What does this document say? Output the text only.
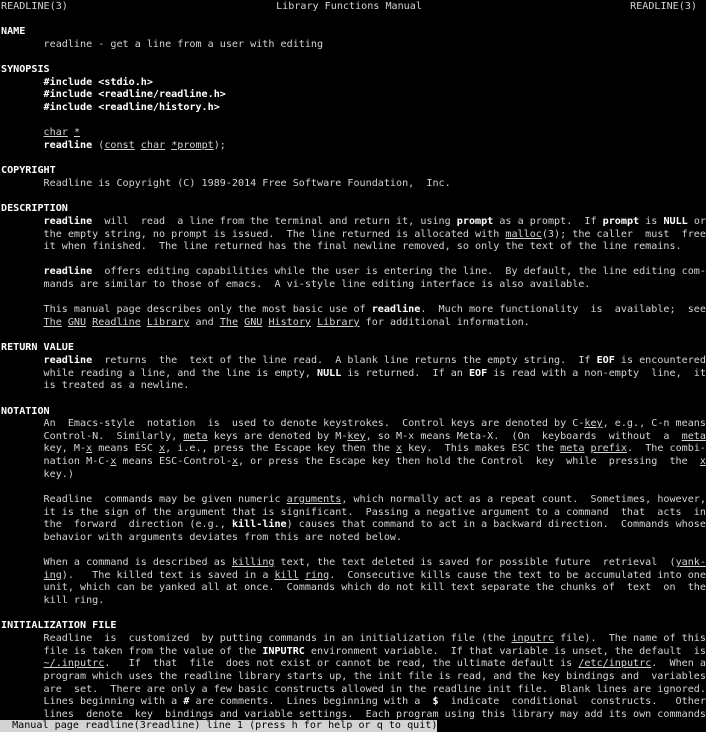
READLINE(3)	Library Functions Manual	READLINE(3)
NAME
readline - get a line from a user with editing
SYNOPSIS
#include <stdio.h>
#include <readline/readline.h>
#include <readline/history.h>
char *
readline (const char *prompt);
COPYRIGHT
Readline is Copyright (C) 1989-2014 Free Software Foundation,  Inc.
DESCRIPTION
readline  will  read  a line from the terminal and return it, using prompt as a prompt.  If prompt is NULL or
the empty string, no prompt is issued.  The line returned is allocated with malloc(3); the caller  must  free
it when finished.  The line returned has the final newline removed, so only the text of the line remains.
readline  offers editing capabilities while the user is entering the line.  By default, the line editing com-
mands are similar to those of emacs.  A vi-style line editing interface is also available.
This manual page describes only the most basic use of readline.  Much more functionality  is  available;  see
The GNU Readline Library and The GNU History Library for additional information.
RETURN VALUE
readline  returns  the  text of the line read.  A blank line returns the empty string.  If EOF is encountered
while reading a line, and the line is empty, NULL is returned.  If an EOF is read with a non-empty  line,  it
is treated as a newline.
NOTATION
An  Emacs-style  notation  is  used to denote keystrokes.  Control keys are denoted by C-key, e.g., C-n means
Control-N.  Similarly, meta keys are denoted by M-key, so M-x means Meta-X.  (On  keyboards  without  a  meta
key, M-x means ESC x, i.e., press the Escape key then the x key.  This makes ESC the meta prefix.  The combi-
nation M-C-x means ESC-Control-x, or press the Escape key then hold the Control  key  while  pressing  the  x
key.)
Readline  commands may be given numeric arguments, which normally act as a repeat count.  Sometimes, however,
it is the sign of the argument that is significant.  Passing a negative argument to a command  that  acts  in
the  forward  direction (e.g., kill-line) causes that command to act in a backward direction.  Commands whose
behavior with arguments deviates from this are noted below.
When a command is described as killing text, the text deleted is saved for possible future  retrieval  (yank-
ing).   The killed text is saved in a kill ring.  Consecutive kills cause the text to be accumulated into one
unit, which can be yanked all at once.  Commands which do not kill text separate the chunks of  text  on  the
kill ring.
INITIALIZATION FILE
Readline  is  customized  by putting commands in an initialization file (the inputrc file).  The name of this
file is taken from the value of the INPUTRC environment variable.  If that variable is unset, the default  is
~/.inputrc.   If  that  file  does not exist or cannot be read, the ultimate default is /etc/inputrc.  When a
program which uses the readline library starts up, the init file is read, and the key bindings and  variables
are  set.  There are only a few basic constructs allowed in the readline init file.  Blank lines are ignored.
Lines beginning with a # are comments.  Lines beginning with a  $  indicate  conditional  constructs.   Other
lines  denote  key  bindings and variable settings.  Each program using this library may add its own commands
Manual page readline(3readline) line 1 (press h for help or q to quit)
